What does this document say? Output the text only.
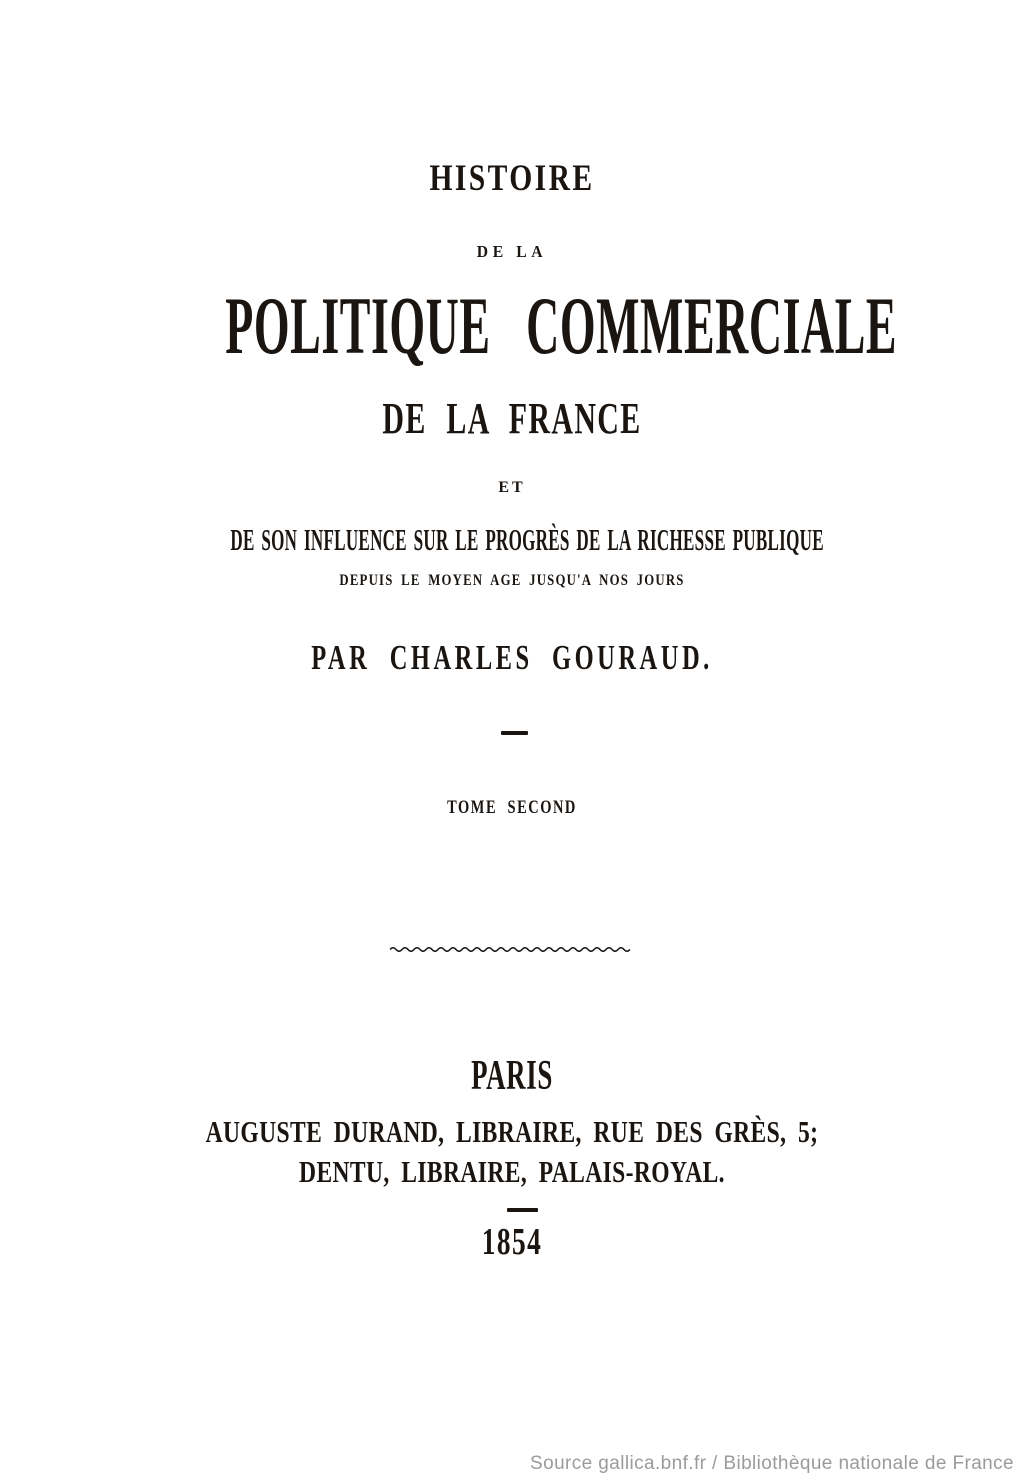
HISTOIRE
DE LA
POLITIQUE COMMERCIALE
DE LA FRANCE
ET
DE SON INFLUENCE SUR LE PROGRÈS DE LA RICHESSE PUBLIQUE
DEPUIS LE MOYEN AGE JUSQU'A NOS JOURS
PAR CHARLES GOURAUD.
TOME SECOND
PARIS
AUGUSTE DURAND, LIBRAIRE, RUE DES GRÈS, 5;
DENTU, LIBRAIRE, PALAIS-ROYAL.
1854
Source gallica.bnf.fr / Bibliothèque nationale de France
